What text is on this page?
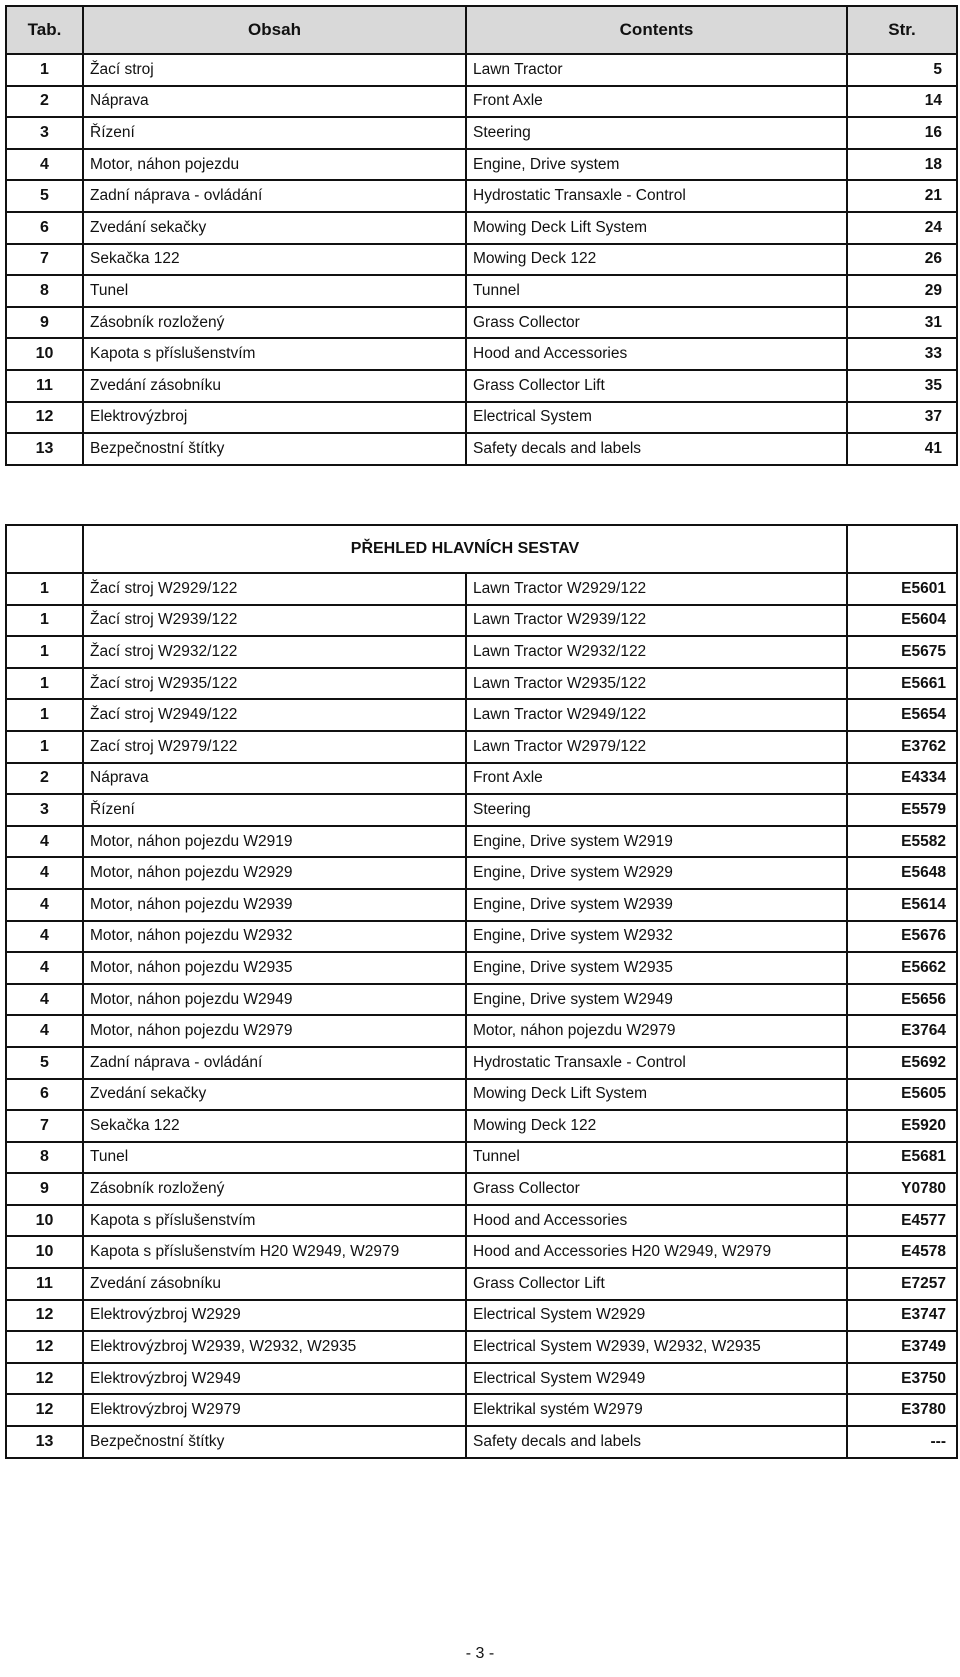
Tab.	Obsah	Contents	Str.
1	Žací stroj	Lawn Tractor	5
2	Náprava	Front Axle	14
3	Řízení	Steering	16
4	Motor, náhon pojezdu	Engine, Drive system	18
5	Zadní náprava - ovládání	Hydrostatic Transaxle - Control	21
6	Zvedání sekačky	Mowing Deck Lift System	24
7	Sekačka 122	Mowing Deck 122	26
8	Tunel	Tunnel	29
9	Zásobník rozložený	Grass Collector	31
10	Kapota s příslušenstvím	Hood and Accessories	33
11	Zvedání zásobníku	Grass Collector Lift	35
12	Elektrovýzbroj	Electrical System	37
13	Bezpečnostní štítky	Safety decals and labels	41
	PŘEHLED HLAVNÍCH SESTAV		
1	Žací stroj W2929/122	Lawn Tractor W2929/122	E5601
1	Žací stroj W2939/122	Lawn Tractor W2939/122	E5604
1	Žací stroj W2932/122	Lawn Tractor W2932/122	E5675
1	Žací stroj W2935/122	Lawn Tractor W2935/122	E5661
1	Žací stroj W2949/122	Lawn Tractor W2949/122	E5654
1	Zací stroj W2979/122	Lawn Tractor W2979/122	E3762
2	Náprava	Front Axle	E4334
3	Řízení	Steering	E5579
4	Motor, náhon pojezdu W2919	Engine, Drive system W2919	E5582
4	Motor, náhon pojezdu W2929	Engine, Drive system W2929	E5648
4	Motor, náhon pojezdu W2939	Engine, Drive system W2939	E5614
4	Motor, náhon pojezdu W2932	Engine, Drive system W2932	E5676
4	Motor, náhon pojezdu W2935	Engine, Drive system W2935	E5662
4	Motor, náhon pojezdu W2949	Engine, Drive system W2949	E5656
4	Motor, náhon pojezdu W2979	Motor, náhon pojezdu W2979	E3764
5	Zadní náprava - ovládání	Hydrostatic Transaxle - Control	E5692
6	Zvedání sekačky	Mowing Deck Lift System	E5605
7	Sekačka 122	Mowing Deck 122	E5920
8	Tunel	Tunnel	E5681
9	Zásobník rozložený	Grass Collector	Y0780
10	Kapota s příslušenstvím	Hood and Accessories	E4577
10	Kapota s příslušenstvím H20 W2949, W2979	Hood and Accessories H20 W2949, W2979	E4578
11	Zvedání zásobníku	Grass Collector Lift	E7257
12	Elektrovýzbroj W2929	Electrical System W2929	E3747
12	Elektrovýzbroj W2939, W2932, W2935	Electrical System W2939, W2932, W2935	E3749
12	Elektrovýzbroj W2949	Electrical System W2949	E3750
12	Elektrovýzbroj W2979	Elektrikal systém W2979	E3780
13	Bezpečnostní štítky	Safety decals and labels	---
- 3 -
